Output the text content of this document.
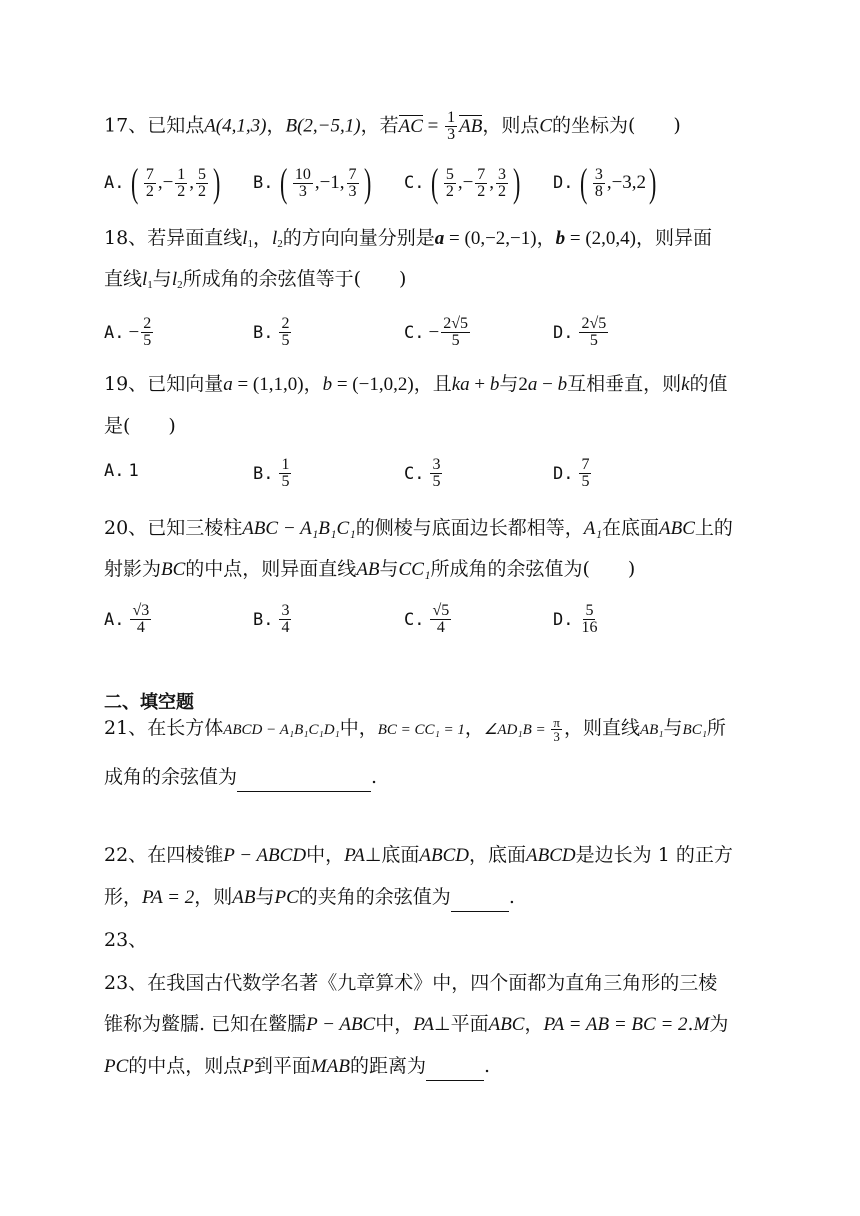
17、已知点A(4,1,3)，B(2,−5,1)，若AC = $\frac{1}{3}$ AB，则点C的坐标为(　　)
A. ( $\frac{7}{2}$ ,− $\frac{1}{2}$ , $\frac{5}{2}$ ) B. ( $\frac{10}{3} ,-1$, $\frac{7}{3}$ ) C. ( $\frac{5}{2}$ ,− $\frac{7}{2}$ , $\frac{3}{2}$ ) D. ( $\frac{3}{8} ,-3,2$ )
18、若异面直线$l_1$，$l_2$的方向向量分别是a = (0,−2,−1)，b = (2,0,4)，则异面
直线$l_1$与$l_2$所成角的余弦值等于(　　)
A. − $\frac{2}{5}$	B. $\frac{2}{5}$	C. − $\frac{2√5}{5}$	D. $\frac{2√5}{5}$
19、已知向量a = (1,1,0)，b = (−1,0,2)，且ka + b与2a − b互相垂直，则k的值
是(　　)
A. 1	B. $\frac{1}{5}$	C. $\frac{3}{5}$	D. $\frac{7}{5}$
20、已知三棱柱ABC − A₁B₁C₁的侧棱与底面边长都相等，A₁在底面ABC上的
射影为BC的中点，则异面直线AB与CC₁所成角的余弦值为(　　)
A. $\frac{√3}{4}$	B. $\frac{3}{4}$	C. $\frac{√5}{4}$	D. $\frac{5}{16}$
二、填空题
21、在长方体ABCD − A₁B₁C₁D₁中，BC = CC₁ = 1，∠AD₁B = $\frac{\pi}{3}$ ，则直线AB₁与BC₁所
成角的余弦值为	.
22、在四棱锥P − ABCD中，PA⊥底面ABCD，底面ABCD是边长为 1 的正方
形，PA = 2，则AB与PC的夹角的余弦值为	.
23、
23、在我国古代数学名著《九章算术》中，四个面都为直角三角形的三棱
锥称为鳖臑. 已知在鳖臑P − ABC中，PA⊥平面ABC，PA = AB = BC = 2.M为
PC的中点，则点P到平面MAB的距离为	.
